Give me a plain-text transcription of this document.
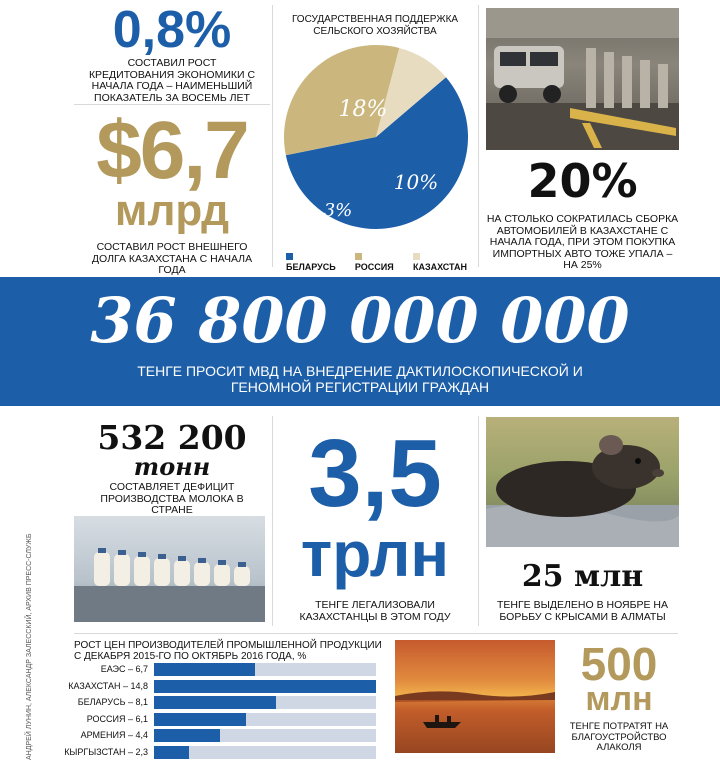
0,8%
СОСТАВИЛ РОСТ КРЕДИТОВАНИЯ ЭКОНОМИКИ С НАЧАЛА ГОДА – НАИМЕНЬШИЙ ПОКАЗАТЕЛЬ ЗА ВОСЕМЬ ЛЕТ
$6,7
млрд
СОСТАВИЛ РОСТ ВНЕШНЕГО ДОЛГА КАЗАХСТАНА С НАЧАЛА ГОДА
ГОСУДАРСТВЕННАЯ ПОДДЕРЖКА СЕЛЬСКОГО ХОЗЯЙСТВА
18%
10%
3%
БЕЛАРУСЬ	РОССИЯ	КАЗАХСТАН
20%
НА СТОЛЬКО СОКРАТИЛАСЬ СБОРКА АВТОМОБИЛЕЙ В КАЗАХСТАНЕ С НАЧАЛА ГОДА, ПРИ ЭТОМ ПОКУПКА ИМПОРТНЫХ АВТО ТОЖЕ УПАЛА – НА 25%
36 800 000 000
ТЕНГЕ ПРОСИТ МВД НА ВНЕДРЕНИЕ ДАКТИЛОСКОПИЧЕСКОЙ И ГЕНОМНОЙ РЕГИСТРАЦИИ ГРАЖДАН
532 200
тонн
СОСТАВЛЯЕТ ДЕФИЦИТ ПРОИЗВОДСТВА МОЛОКА В СТРАНЕ	3,5
трлн
ТЕНГЕ ЛЕГАЛИЗОВАЛИ КАЗАХСТАНЦЫ В ЭТОМ ГОДУ
25 млн
ТЕНГЕ ВЫДЕЛЕНО В НОЯБРЕ НА БОРЬБУ С КРЫСАМИ В АЛМАТЫ
АНДРЕЙ ЛУНИН, АЛЕКСАНДР ЗАЛЕССКИЙ, АРХИВ ПРЕСС-СЛУЖБ	РОСТ ЦЕН ПРОИЗВОДИТЕЛЕЙ ПРОМЫШЛЕННОЙ ПРОДУКЦИИ С ДЕКАБРЯ 2015-ГО ПО ОКТЯБРЬ 2016 ГОДА, %
ЕАЭС – 6,7
КАЗАХСТАН – 14,8
БЕЛАРУСЬ – 8,1
РОССИЯ – 6,1
АРМЕНИЯ – 4,4
КЫРГЫЗСТАН – 2,3
500
млн
ТЕНГЕ ПОТРАТЯТ НА БЛАГОУСТРОЙСТВО АЛАКОЛЯ
